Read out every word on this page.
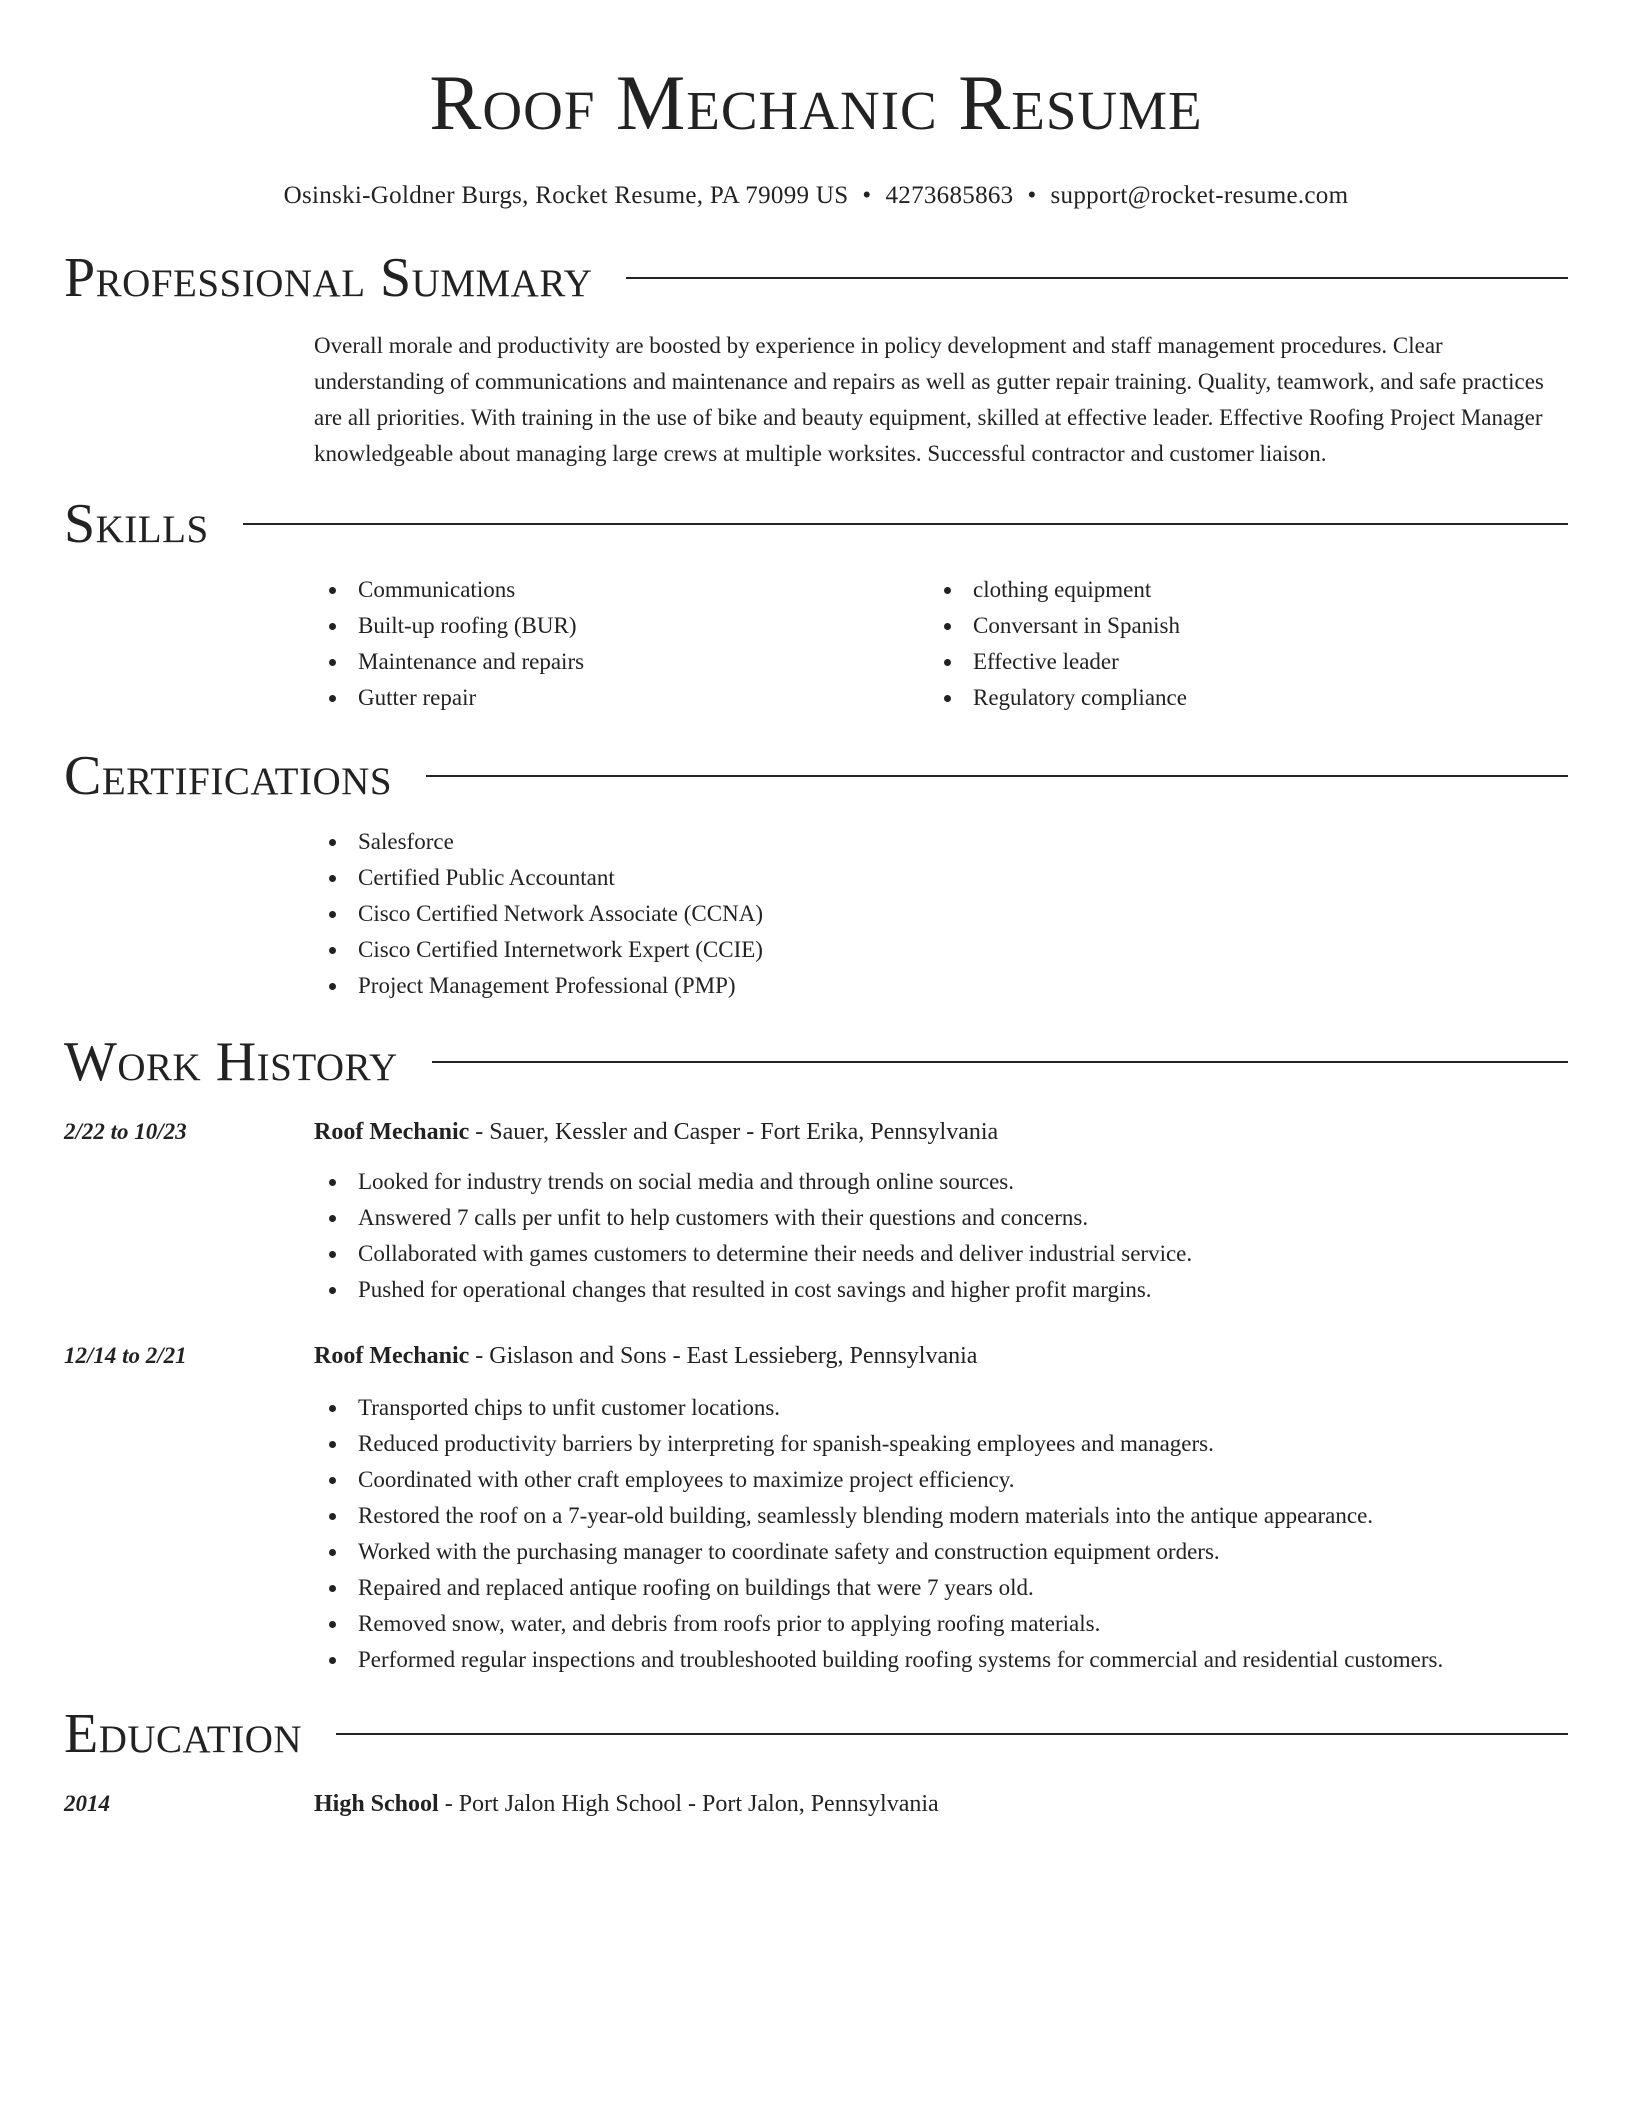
Roof Mechanic Resume
Osinski-Goldner Burgs, Rocket Resume, PA 79099 US • 4273685863 • support@rocket-resume.com
Professional Summary
Overall morale and productivity are boosted by experience in policy development and staff management procedures. Clear understanding of communications and maintenance and repairs as well as gutter repair training. Quality, teamwork, and safe practices are all priorities. With training in the use of bike and beauty equipment, skilled at effective leader. Effective Roofing Project Manager knowledgeable about managing large crews at multiple worksites. Successful contractor and customer liaison.
Skills
Communications
Built-up roofing (BUR)
Maintenance and repairs
Gutter repair
clothing equipment
Conversant in Spanish
Effective leader
Regulatory compliance
Certifications
Salesforce
Certified Public Accountant
Cisco Certified Network Associate (CCNA)
Cisco Certified Internetwork Expert (CCIE)
Project Management Professional (PMP)
Work History
2/22 to 10/23	Roof Mechanic - Sauer, Kessler and Casper - Fort Erika, Pennsylvania
Looked for industry trends on social media and through online sources.
Answered 7 calls per unfit to help customers with their questions and concerns.
Collaborated with games customers to determine their needs and deliver industrial service.
Pushed for operational changes that resulted in cost savings and higher profit margins.
12/14 to 2/21	Roof Mechanic - Gislason and Sons - East Lessieberg, Pennsylvania
Transported chips to unfit customer locations.
Reduced productivity barriers by interpreting for spanish-speaking employees and managers.
Coordinated with other craft employees to maximize project efficiency.
Restored the roof on a 7-year-old building, seamlessly blending modern materials into the antique appearance.
Worked with the purchasing manager to coordinate safety and construction equipment orders.
Repaired and replaced antique roofing on buildings that were 7 years old.
Removed snow, water, and debris from roofs prior to applying roofing materials.
Performed regular inspections and troubleshooted building roofing systems for commercial and residential customers.
Education
2014	High School - Port Jalon High School - Port Jalon, Pennsylvania
